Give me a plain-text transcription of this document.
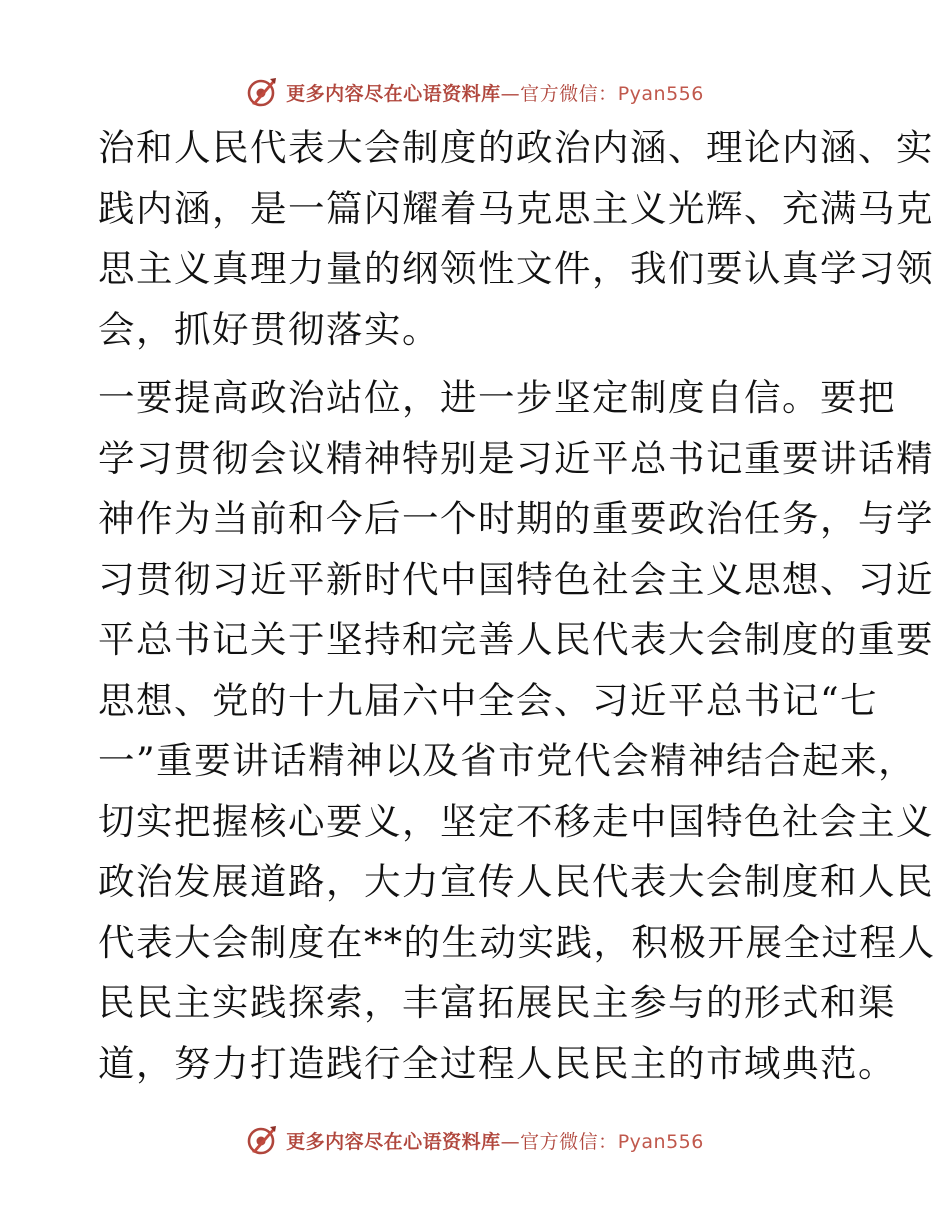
更多内容尽在心语资料库—官方微信：Pyan556
治和人民代表大会制度的政治内涵、理论内涵、实
践内涵，是一篇闪耀着马克思主义光辉、充满马克
思主义真理力量的纲领性文件，我们要认真学习领
会，抓好贯彻落实。
一要提高政治站位，进一步坚定制度自信。要把
学习贯彻会议精神特别是习近平总书记重要讲话精
神作为当前和今后一个时期的重要政治任务，与学
习贯彻习近平新时代中国特色社会主义思想、习近
平总书记关于坚持和完善人民代表大会制度的重要
思想、党的十九届六中全会、习近平总书记“七
一”重要讲话精神以及省市党代会精神结合起来，
切实把握核心要义，坚定不移走中国特色社会主义
政治发展道路，大力宣传人民代表大会制度和人民
代表大会制度在**的生动实践，积极开展全过程人
民民主实践探索，丰富拓展民主参与的形式和渠
道，努力打造践行全过程人民民主的市域典范。
更多内容尽在心语资料库—官方微信：Pyan556
